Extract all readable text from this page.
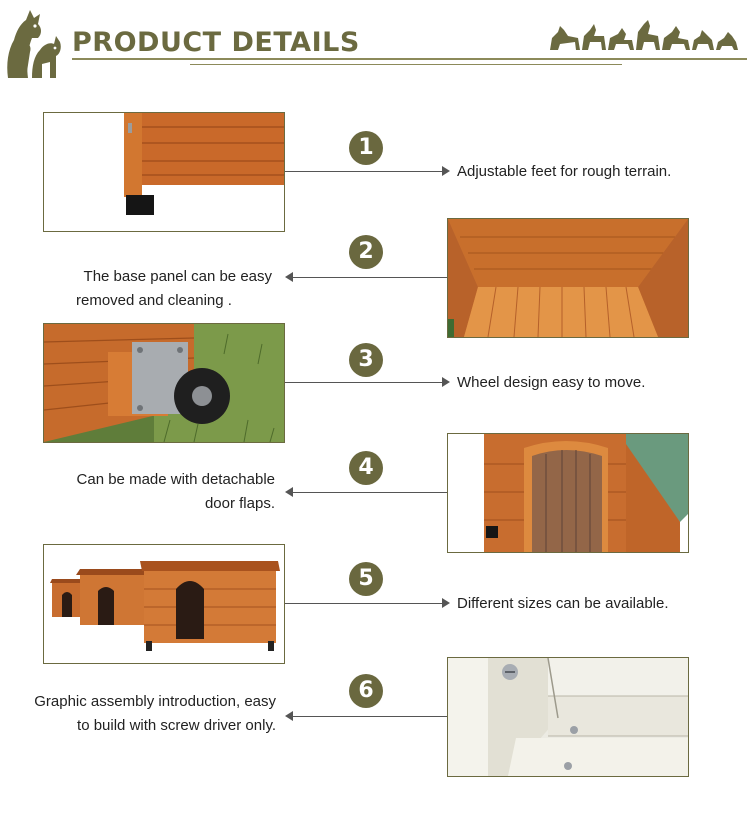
PRODUCT DETAILS
1
Adjustable feet for rough terrain.
2
The base panel can be easy
removed and cleaning .
3
Wheel design easy to move.
4
Can be made with detachable
door flaps.
5
Different sizes can be available.
6
Graphic assembly introduction, easy
to build with screw driver only.
